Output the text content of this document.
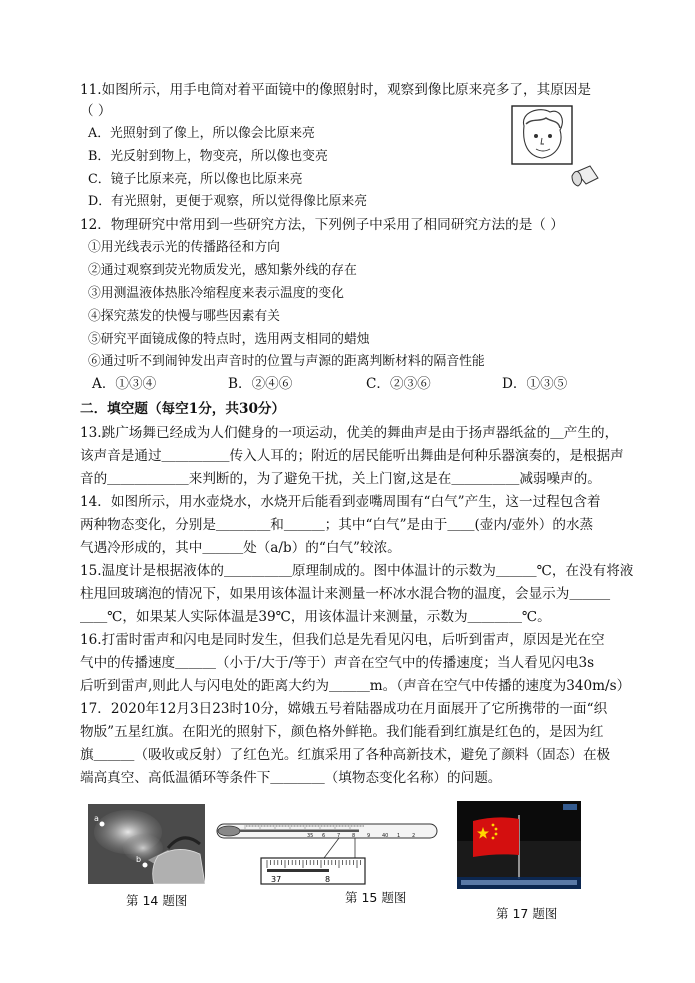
11.如图所示，用手电筒对着平面镜中的像照射时，观察到像比原来亮多了，其原因是
（ ）
A．光照射到了像上，所以像会比原来亮
B．光反射到物上，物变亮，所以像也变亮
C．镜子比原来亮，所以像也比原来亮
D．有光照射，更便于观察，所以觉得像比原来亮
12．物理研究中常用到一些研究方法，下列例子中采用了相同研究方法的是（ ）
①用光线表示光的传播路径和方向
②通过观察到荧光物质发光，感知紫外线的存在
③用测温液体热胀冷缩程度来表示温度的变化
④探究蒸发的快慢与哪些因素有关
⑤研究平面镜成像的特点时，选用两支相同的蜡烛
⑥通过听不到闹钟发出声音时的位置与声源的距离判断材料的隔音性能
A．①③④	B．②④⑥	C．②③⑥	D．①③⑤
二．填空题（每空1分，共30分）
13.跳广场舞已经成为人们健身的一项运动，优美的舞曲声是由于扬声器纸盆的＿产生的，
该声音是通过＿＿＿＿＿传入人耳的；附近的居民能听出舞曲是何种乐器演奏的，是根据声
音的＿＿＿＿＿＿来判断的，为了避免干扰，关上门窗,这是在＿＿＿＿＿减弱噪声的。
14．如图所示，用水壶烧水，水烧开后能看到壶嘴周围有“白气”产生，这一过程包含着
两种物态变化，分别是＿＿＿＿和＿＿＿；其中“白气”是由于＿＿(壶内/壶外）的水蒸
气遇冷形成的，其中＿＿＿处（a/b）的“白气”较浓。
15.温度计是根据液体的＿＿＿＿＿原理制成的。图中体温计的示数为＿＿＿℃，在没有将液
柱甩回玻璃泡的情况下，如果用该体温计来测量一杯冰水混合物的温度，会显示为＿＿＿
＿＿℃，如果某人实际体温是39℃，用该体温计来测量，示数为＿＿＿＿℃。
16.打雷时雷声和闪电是同时发生，但我们总是先看见闪电，后听到雷声，原因是光在空
气中的传播速度＿＿＿（小于/大于/等于）声音在空气中的传播速度；当人看见闪电3s
后听到雷声,则此人与闪电处的距离大约为＿＿＿m。（声音在空气中传播的速度为340m/s）
17．2020年12月3日23时10分，嫦娥五号着陆器成功在月面展开了它所携带的一面“织
物版”五星红旗。在阳光的照射下，颜色格外鲜艳。我们能看到红旗是红色的，是因为红
旗＿＿＿（吸收或反射）了红色光。红旗采用了各种高新技术，避免了颜料（固态）在极
端高真空、高低温循环等条件下＿＿＿＿（填物态变化名称）的问题。
a
b
第 14 题图
35 6 7 8 9 40 1 2
37	8
第 15 题图
第 17 题图
